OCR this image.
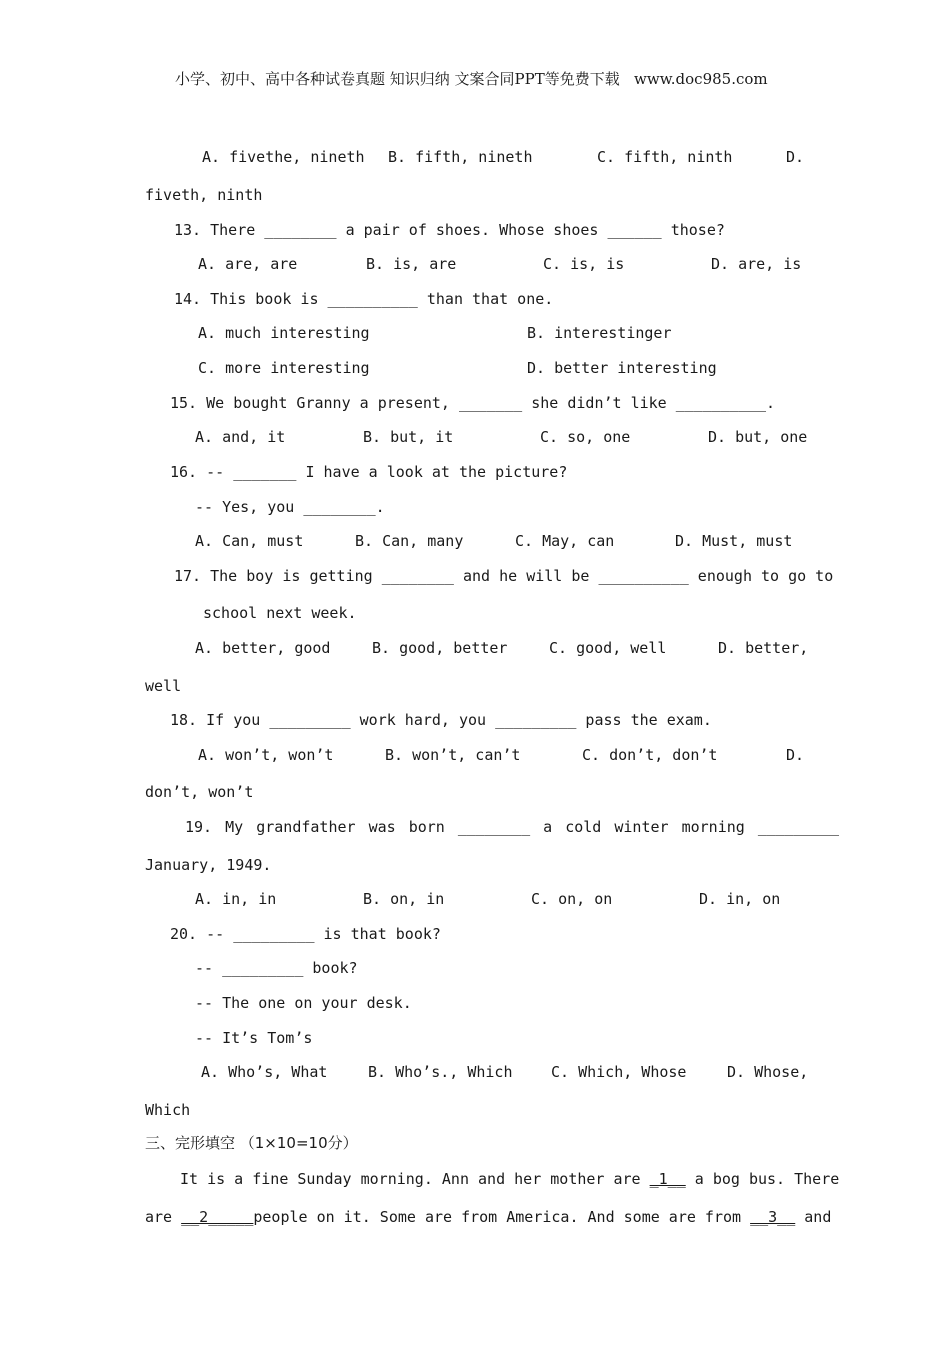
小学、初中、高中各种试卷真题 知识归纳 文案合同PPT等免费下载   www.doc985.com
A. fivethe, nineth B. fifth, nineth	C. fifth, ninth	D.
fiveth, ninth
13. There ________ a pair of shoes. Whose shoes ______ those?
A. are, are	B. is, are	C. is, is	D. are, is
14. This book is __________ than that one.
A. much interesting	B. interestinger
C. more interesting	D. better interesting
15. We bought Granny a present, _______ she didn’t like __________.
A. and, it	B. but, it	C. so, one	D. but, one
16. -- _______ I have a look at the picture?
-- Yes, you ________.
A. Can, must	B. Can, many	C. May, can	D. Must, must
17. The boy is getting ________ and he will be __________ enough to go to
school next week.
A. better, good	B. good, better	C. good, well	D. better,
well
18. If you _________ work hard, you _________ pass the exam.
A. won’t, won’t	B. won’t, can’t	C. don’t, don’t	D.
don’t, won’t
19. My grandfather was born ________ a cold winter morning _________
January, 1949.
A. in, in	B. on, in	C. on, on	D. in, on
20. -- _________ is that book?
-- _________ book?
-- The one on your desk.
-- It’s Tom’s
A. Who’s, What	B. Who’s., Which	C. Which, Whose	D. Whose,
Which
三、完形填空 （1×10=10分）
It is a fine Sunday morning. Ann and her mother are _1__ a bog bus. There
are __2_____people on it. Some are from America. And some are from __3__ and
